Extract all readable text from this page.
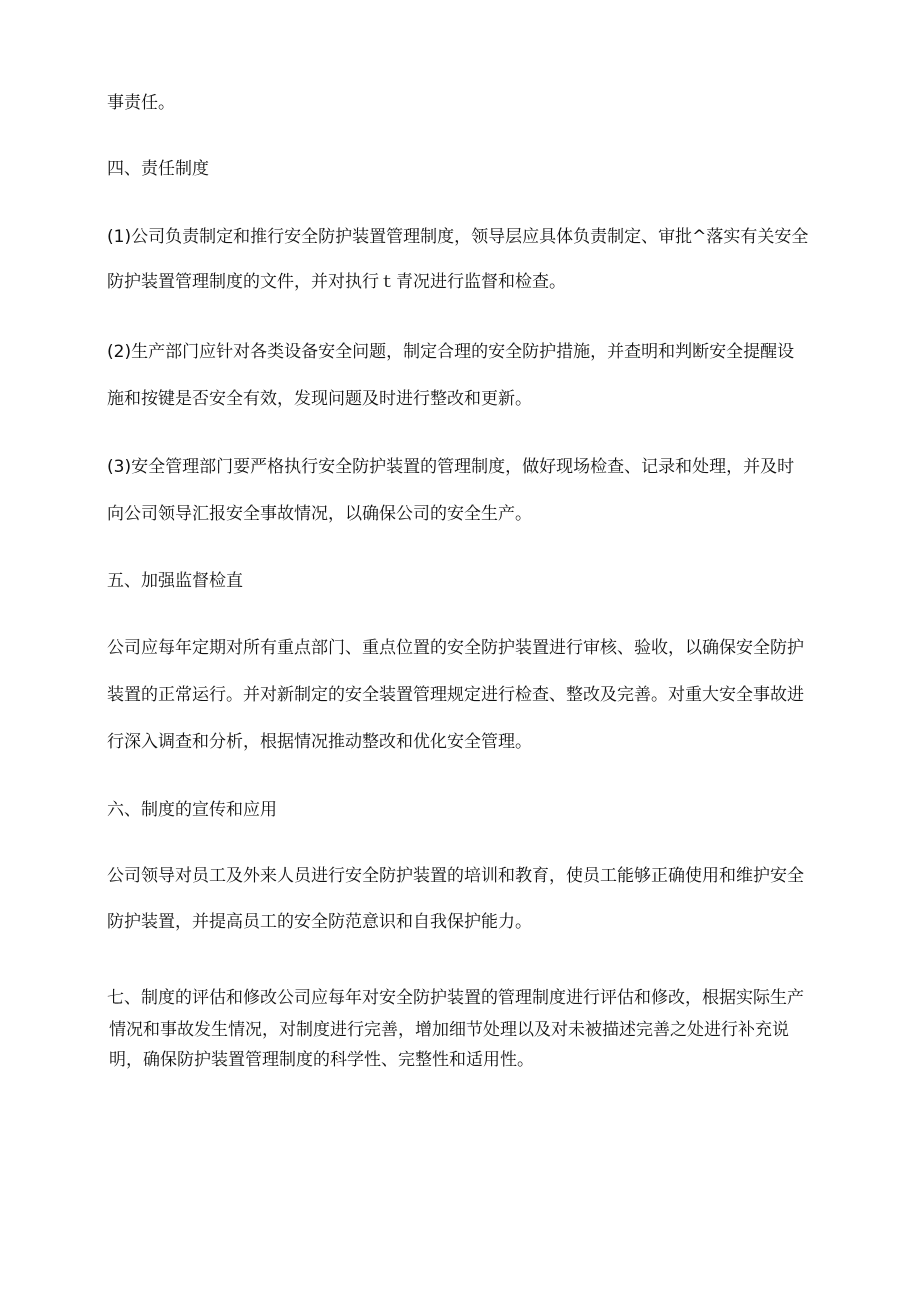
事责任。
四、责任制度
(1)公司负责制定和推行安全防护装置管理制度，领导层应具体负责制定、审批^落实有关安全
防护装置管理制度的文件，并对执行ｔ青况进行监督和检查。
(2)生产部门应针对各类设备安全问题，制定合理的安全防护措施，并查明和判断安全提醒设
施和按键是否安全有效，发现问题及时进行整改和更新。
(3)安全管理部门要严格执行安全防护装置的管理制度，做好现场检查、记录和处理，并及时
向公司领导汇报安全事故情况，以确保公司的安全生产。
五、加强监督检直
公司应每年定期对所有重点部门、重点位置的安全防护装置进行审核、验收，以确保安全防护
装置的正常运行。并对新制定的安全装置管理规定进行检查、整改及完善。对重大安全事故进
行深入调查和分析，根据情况推动整改和优化安全管理。
六、制度的宣传和应用
公司领导对员工及外来人员进行安全防护装置的培训和教育，使员工能够正确使用和维护安全
防护装置，并提高员工的安全防范意识和自我保护能力。
七、制度的评估和修改公司应每年对安全防护装置的管理制度进行评估和修改，根据实际生产
情况和事故发生情况，对制度进行完善，增加细节处理以及对未被描述完善之处进行补充说
明，确保防护装置管理制度的科学性、完整性和适用性。
